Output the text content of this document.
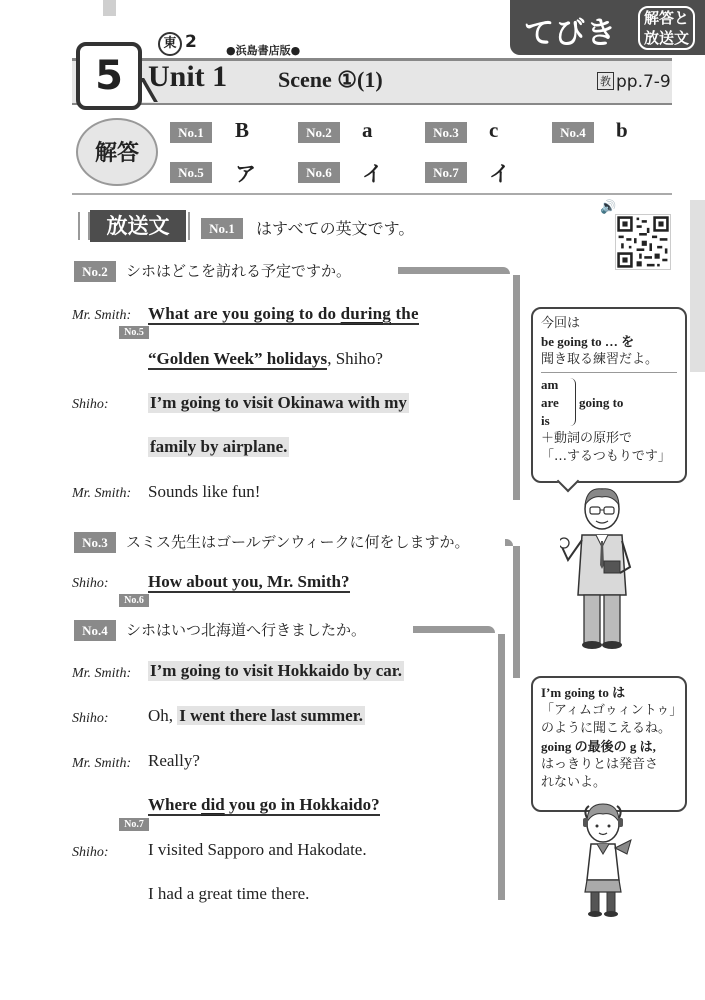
てびき	解答と
放送文
5
東 2	●浜島書店版●
Unit 1 Scene ①(1)	教 pp.7-9
解答
No.1	B	No.2	a	No.3	c	No.4	b
No.5	ア	No.6	イ	No.7	イ
放送文	No.1	はすべての英文です。
🔊
No.2	シホはどこを訪れる予定ですか。
Mr. Smith:
No.5
What are you going to do during the
“Golden Week” holidays, Shiho?
Shiho: I’m going to visit Okinawa with my
family by airplane.
Mr. Smith: Sounds like fun!
No.3	スミス先生はゴールデンウィークに何をしますか。
Shiho:
No.6
How about you, Mr. Smith?
No.4	シホはいつ北海道へ行きましたか。
Mr. Smith: I’m going to visit Hokkaido by car.
Shiho: Oh, I went there last summer.
Mr. Smith: Really?
No.7
Where did you go in Hokkaido?
Shiho: I visited Sapporo and Hakodate.
I had a great time there.
今回は
be going to … を
聞き取る練習だよ。
am
are
is
going to
＋動詞の原形で
「…するつもりです」
I’m going to は
「アィムゴゥィントゥ」
のように聞こえるね。
going の最後の g は,
はっきりとは発音さ
れないよ。
